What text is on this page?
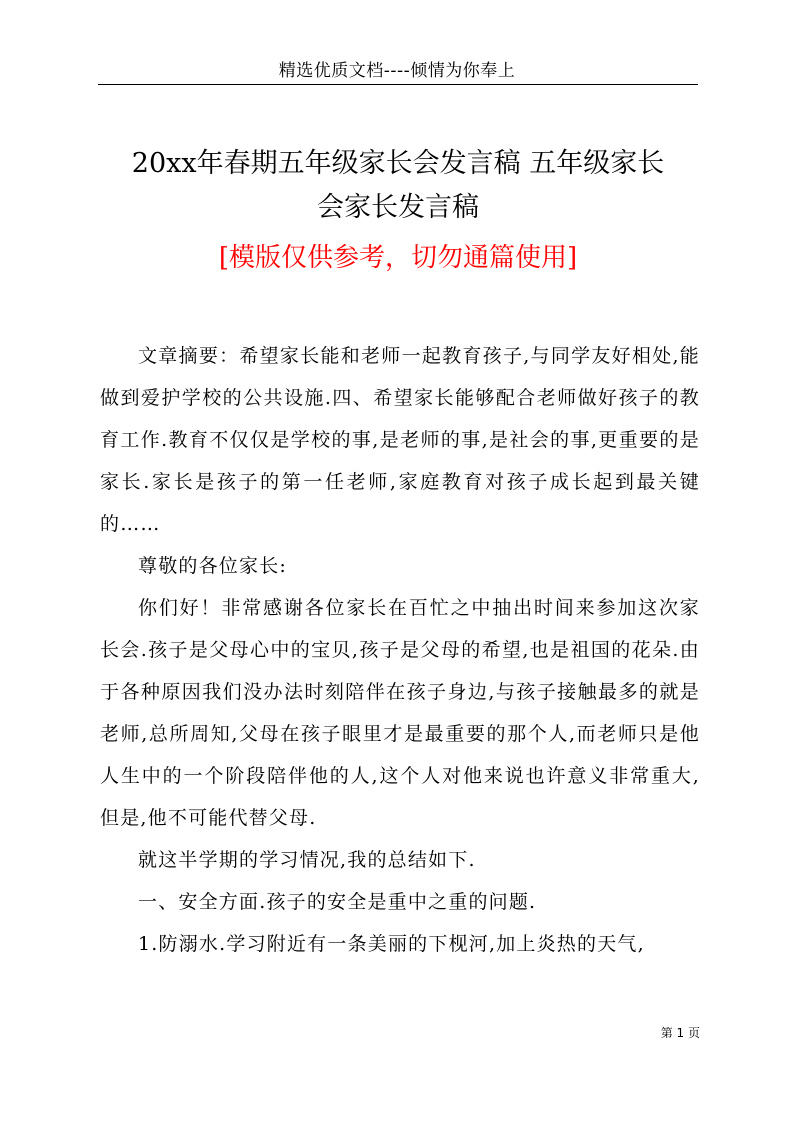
精选优质文档----倾情为你奉上
20xx年春期五年级家长会发言稿 五年级家长
会家长发言稿
[模版仅供参考，切勿通篇使用]

文章摘要：希望家长能和老师一起教育孩子,与同学友好相处,能做到爱护学校的公共设施.四、希望家长能够配合老师做好孩子的教育工作.教育不仅仅是学校的事,是老师的事,是社会的事,更重要的是家长.家长是孩子的第一任老师,家庭教育对孩子成长起到最关键的……

尊敬的各位家长:

你们好！非常感谢各位家长在百忙之中抽出时间来参加这次家长会.孩子是父母心中的宝贝,孩子是父母的希望,也是祖国的花朵.由于各种原因我们没办法时刻陪伴在孩子身边,与孩子接触最多的就是老师,总所周知,父母在孩子眼里才是最重要的那个人,而老师只是他人生中的一个阶段陪伴他的人,这个人对他来说也许意义非常重大,但是,他不可能代替父母.

就这半学期的学习情况,我的总结如下.

一、安全方面.孩子的安全是重中之重的问题.

1.防溺水.学习附近有一条美丽的下枧河,加上炎热的天气,

第 1 页
